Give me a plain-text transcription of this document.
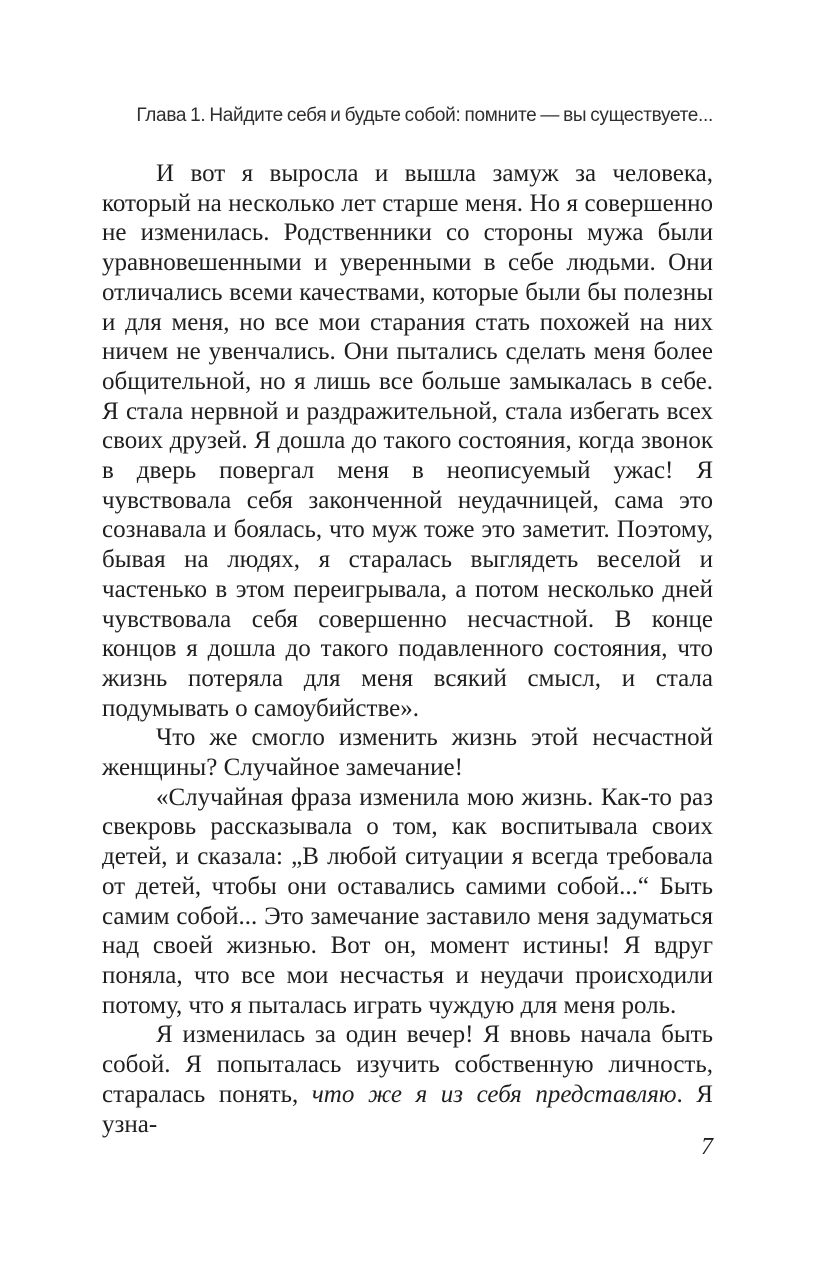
Глава 1. Найдите себя и будьте собой: помните — вы существуете...

И вот я выросла и вышла замуж за человека, который на несколько лет старше меня. Но я совершенно не изменилась. Родственники со стороны мужа были уравновешенными и уверенными в себе людьми. Они отличались всеми качествами, которые были бы полезны и для меня, но все мои старания стать похожей на них ничем не увенчались. Они пытались сделать меня более общительной, но я лишь все больше замыкалась в себе. Я стала нервной и раздражительной, стала избегать всех своих друзей. Я дошла до такого состояния, когда звонок в дверь повергал меня в неописуемый ужас! Я чувствовала себя законченной неудачницей, сама это сознавала и боялась, что муж тоже это заметит. Поэтому, бывая на людях, я старалась выглядеть веселой и частенько в этом переигрывала, а потом несколько дней чувствовала себя совершенно несчастной. В конце концов я дошла до такого подавленного состояния, что жизнь потеряла для меня всякий смысл, и стала подумывать о самоубийстве».

Что же смогло изменить жизнь этой несчастной женщины? Случайное замечание!

«Случайная фраза изменила мою жизнь. Как-то раз свекровь рассказывала о том, как воспитывала своих детей, и сказала: „В любой ситуации я всегда требовала от детей, чтобы они оставались самими собой...“ Быть самим собой... Это замечание заставило меня задуматься над своей жизнью. Вот он, момент истины! Я вдруг поняла, что все мои несчастья и неудачи происходили потому, что я пыталась играть чуждую для меня роль.

Я изменилась за один вечер! Я вновь начала быть собой. Я попыталась изучить собственную личность, старалась понять, что же я из себя представляю. Я узна-

7
